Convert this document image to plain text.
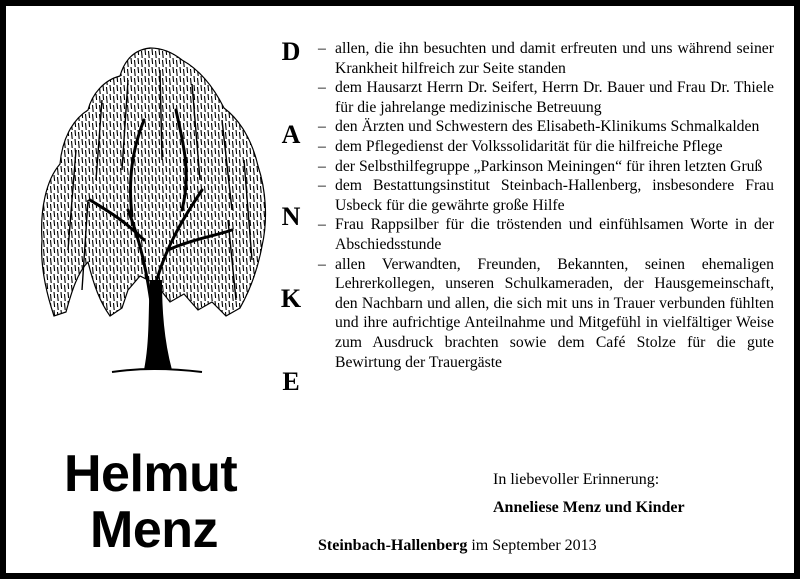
Helmut
Menz
D
A
N
K
E
– allen, die ihn besuchten und damit erfreuten und uns während seiner Krankheit hilfreich zur Seite standen
– dem Hausarzt Herrn Dr. Seifert, Herrn Dr. Bauer und Frau Dr. Thiele für die jahrelange medizinische Betreuung
– den Ärzten und Schwestern des Elisabeth-Klinikums Schmalkalden
– dem Pflegedienst der Volkssolidarität für die hilfreiche Pflege
– der Selbsthilfegruppe „Parkinson Meiningen“ für ihren letzten Gruß
– dem Bestattungsinstitut Steinbach-Hallenberg, insbesondere Frau Usbeck für die gewährte große Hilfe
– Frau Rappsilber für die tröstenden und einfühlsamen Worte in der Abschiedsstunde
– allen Verwandten, Freunden, Bekannten, seinen ehemaligen Lehrerkollegen, unseren Schulkameraden, der Hausgemeinschaft, den Nachbarn und allen, die sich mit uns in Trauer verbunden fühlten und ihre aufrichtige Anteilnahme und Mitgefühl in vielfältiger Weise zum Ausdruck brachten sowie dem Café Stolze für die gute Bewirtung der Trauergäste
In liebevoller Erinnerung:
Anneliese Menz und Kinder
Steinbach-Hallenberg im September 2013
